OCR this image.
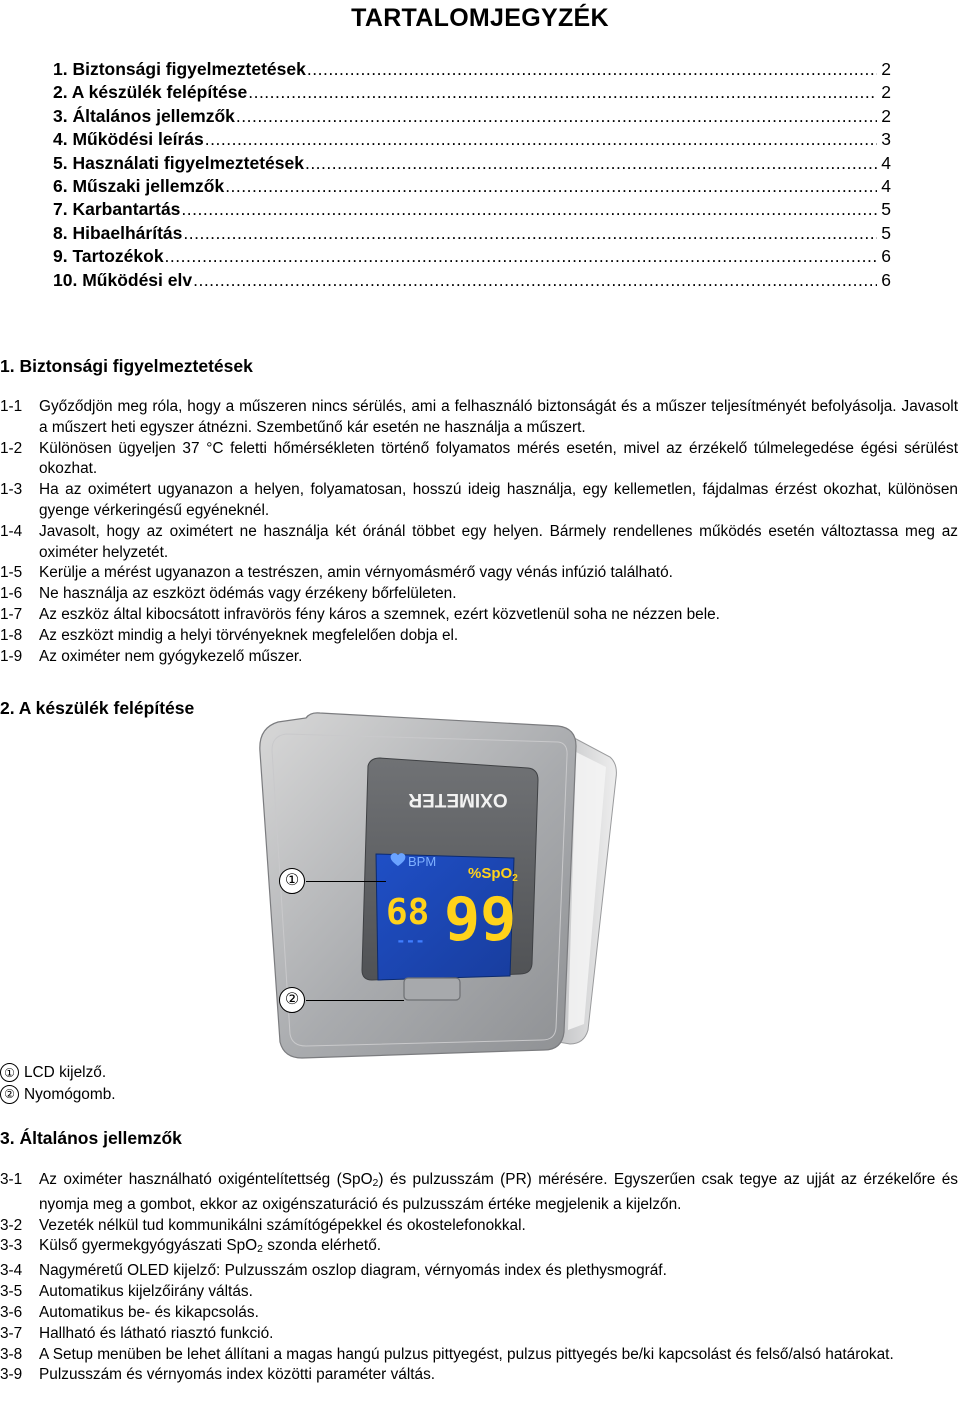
TARTALOMJEGYZÉK
1. Biztonsági figyelmeztetések .....	2
2. A készülék felépítése .....	2
3. Általános jellemzők .....	2
4. Működési leírás .....	3
5. Használati figyelmeztetések .....	4
6. Műszaki jellemzők .....	4
7. Karbantartás .....	5
8. Hibaelhárítás .....	5
9. Tartozékok .....	6
10. Működési elv .....	6
1. Biztonsági figyelmeztetések
1-1	Győződjön meg róla, hogy a műszeren nincs sérülés, ami a felhasználó biztonságát és a műszer teljesítményét befolyásolja. Javasolt a műszert heti egyszer átnézni. Szembetűnő kár esetén ne használja a műszert.
1-2	Különösen ügyeljen 37 °C feletti hőmérsékleten történő folyamatos mérés esetén, mivel az érzékelő túlmelegedése égési sérülést okozhat.
1-3	Ha az oximétert ugyanazon a helyen, folyamatosan, hosszú ideig használja, egy kellemetlen, fájdalmas érzést okozhat, különösen gyenge vérkeringésű egyéneknél.
1-4	Javasolt, hogy az oximétert ne használja két óránál többet egy helyen. Bármely rendellenes működés esetén változtassa meg az oximéter helyzetét.
1-5	Kerülje a mérést ugyanazon a testrészen, amin vérnyomásmérő vagy vénás infúzió található.
1-6	Ne használja az eszközt ödémás vagy érzékeny bőrfelületen.
1-7	Az eszköz által kibocsátott infravörös fény káros a szemnek, ezért közvetlenül soha ne nézzen bele.
1-8	Az eszközt mindig a helyi törvényeknek megfelelően dobja el.
1-9	Az oximéter nem gyógykezelő műszer.
2. A készülék felépítése
OXIMETER
BPM
%SpO$_2$
68 99
---
①
②
① LCD kijelző.
② Nyomógomb.
3. Általános jellemzők
3-1	Az oximéter használható oxigéntelítettség (SpO$_2$) és pulzusszám (PR) mérésére. Egyszerűen csak tegye az ujját az érzékelőre és nyomja meg a gombot, ekkor az oxigénszaturáció és pulzusszám értéke megjelenik a kijelzőn.
3-2	Vezeték nélkül tud kommunikálni számítógépekkel és okostelefonokkal.
3-3	Külső gyermekgyógyászati SpO$_2$ szonda elérhető.
3-4	Nagyméretű OLED kijelző: Pulzusszám oszlop diagram, vérnyomás index és plethysmográf.
3-5	Automatikus kijelzőirány váltás.
3-6	Automatikus be- és kikapcsolás.
3-7	Hallható és látható riasztó funkció.
3-8	A Setup menüben be lehet állítani a magas hangú pulzus pittyegést, pulzus pittyegés be/ki kapcsolást és felső/alsó határokat.
3-9	Pulzusszám és vérnyomás index közötti paraméter váltás.
